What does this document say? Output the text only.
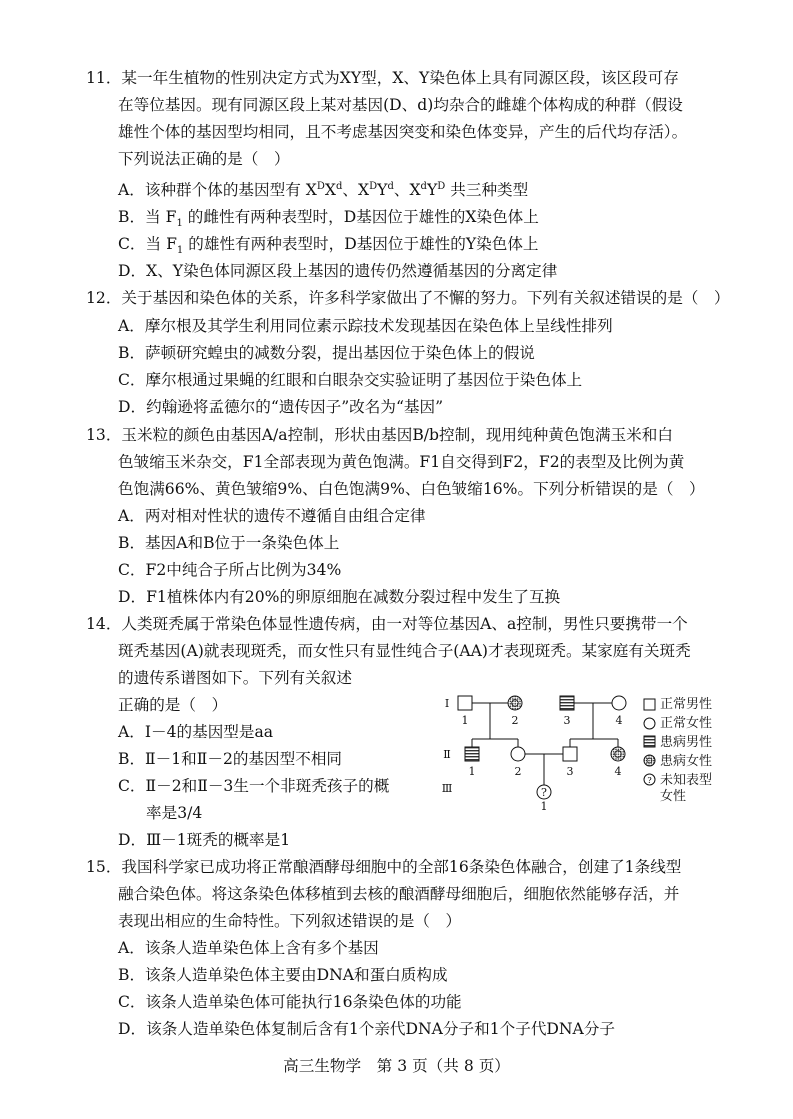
11．某一年生植物的性别决定方式为XY型，X、Y染色体上具有同源区段，该区段可存
在等位基因。现有同源区段上某对基因(D、d)均杂合的雌雄个体构成的种群（假设
雄性个体的基因型均相同，且不考虑基因突变和染色体变异，产生的后代均存活）。
下列说法正确的是（　）
A．该种群个体的基因型有 $X^DX^d$、$X^DY^d$、$X^dY^D$ 共三种类型
B．当 $F_1$ 的雌性有两种表型时，D基因位于雄性的X染色体上
C．当 $F_1$ 的雄性有两种表型时，D基因位于雄性的Y染色体上
D．X、Y染色体同源区段上基因的遗传仍然遵循基因的分离定律
12．关于基因和染色体的关系，许多科学家做出了不懈的努力。下列有关叙述错误的是（　）
A．摩尔根及其学生利用同位素示踪技术发现基因在染色体上呈线性排列
B．萨顿研究蝗虫的减数分裂，提出基因位于染色体上的假说
C．摩尔根通过果蝇的红眼和白眼杂交实验证明了基因位于染色体上
D．约翰逊将孟德尔的“遗传因子”改名为“基因”
13．玉米粒的颜色由基因A/a控制，形状由基因B/b控制，现用纯种黄色饱满玉米和白
色皱缩玉米杂交，F1全部表现为黄色饱满。F1自交得到F2，F2的表型及比例为黄
色饱满66%、黄色皱缩9%、白色饱满9%、白色皱缩16%。下列分析错误的是（　）
A．两对相对性状的遗传不遵循自由组合定律
B．基因A和B位于一条染色体上
C．F2中纯合子所占比例为34%
D．F1植株体内有20%的卵原细胞在减数分裂过程中发生了互换
14．人类斑秃属于常染色体显性遗传病，由一对等位基因A、a控制，男性只要携带一个
斑秃基因(A)就表现斑秃，而女性只有显性纯合子(AA)才表现斑秃。某家庭有关斑秃
的遗传系谱图如下。下列有关叙述
正确的是（　）
A．Ⅰ－4的基因型是aa
B．Ⅱ－1和Ⅱ－2的基因型不相同
C．Ⅱ－2和Ⅱ－3生一个非斑秃孩子的概
率是3/4
D．Ⅲ－1斑秃的概率是1
?
Ⅰ
Ⅱ
Ⅲ
1	2	3	4
1	2	3	4
1
?
正常男性
正常女性
患病男性
患病女性
未知表型
女性
15．我国科学家已成功将正常酿酒酵母细胞中的全部16条染色体融合，创建了1条线型
融合染色体。将这条染色体移植到去核的酿酒酵母细胞后，细胞依然能够存活，并
表现出相应的生命特性。下列叙述错误的是（　）
A．该条人造单染色体上含有多个基因
B．该条人造单染色体主要由DNA和蛋白质构成
C．该条人造单染色体可能执行16条染色体的功能
D．该条人造单染色体复制后含有1个亲代DNA分子和1个子代DNA分子
高三生物学　第 3 页（共 8 页）
